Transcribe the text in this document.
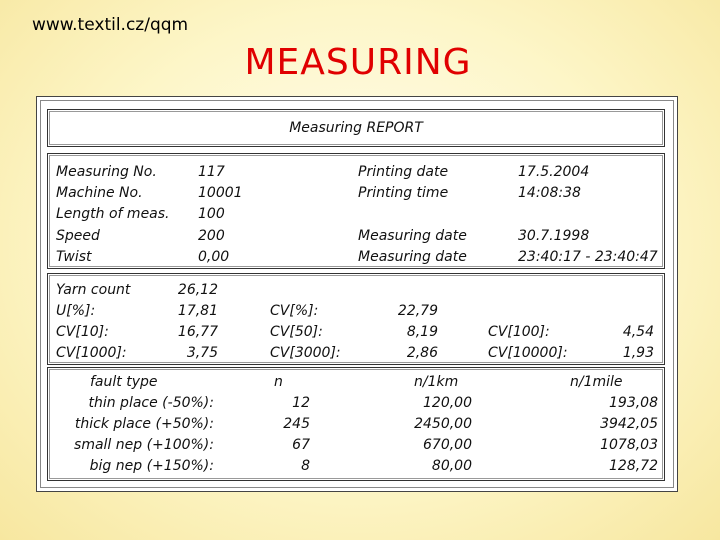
www.textil.cz/qqm
MEASURING
Measuring REPORT
Measuring No.	117	Printing date	17.5.2004
Machine No.	10001	Printing time	14:08:38
Length of meas. 100
Speed	200	Measuring date	30.7.1998
Twist	0,00	Measuring date	23:40:17 - 23:40:47
Yarn count	26,12
U[%]:	17,81	CV[%]:	22,79
CV[10]:	16,77	CV[50]:	8,19	CV[100]:	4,54
CV[1000]:	3,75	CV[3000]:	2,86	CV[10000]:	1,93
fault type	n	n/1km	n/1mile
thin place (-50%):	12	120,00	193,08
thick place (+50%):	245	2450,00	3942,05
small nep (+100%):	67	670,00	1078,03
big nep (+150%):	8	80,00	128,72
